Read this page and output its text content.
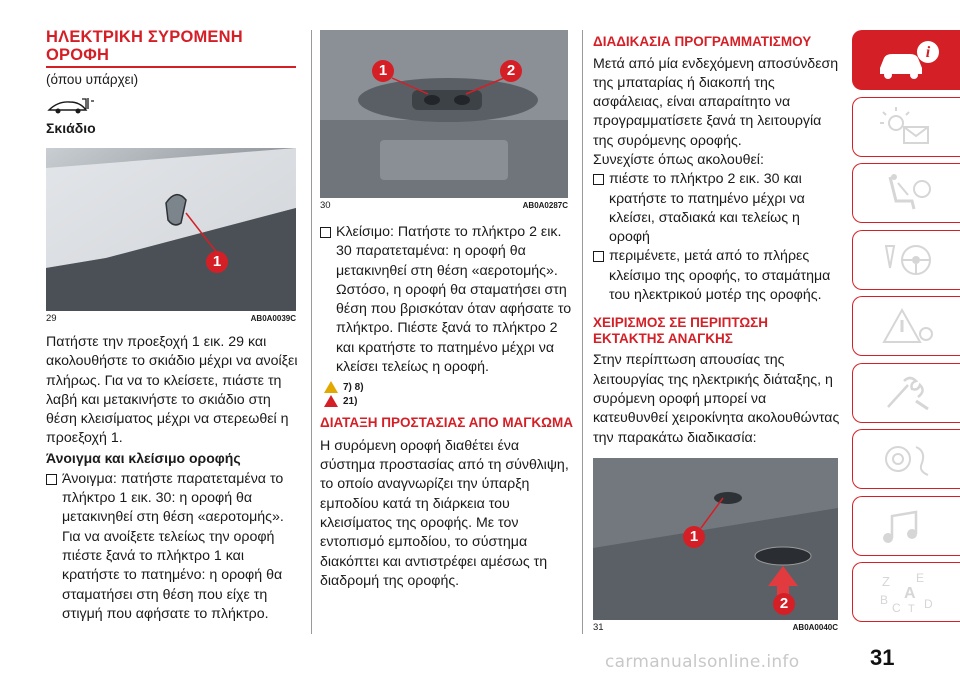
ΗΛΕΚΤΡΙΚΗ ΣΥΡΟΜΕΝΗ ΟΡΟΦΗ
(όπου υπάρχει)
Σκιάδιο
1
29	AB0A0039C
Πατήστε την προεξοχή 1 εικ. 29 και ακολουθήστε το σκιάδιο μέχρι να ανοίξει πλήρως. Για να το κλείσετε, πιάστε τη λαβή και μετακινήστε το σκιάδιο στη θέση κλεισίματος μέχρι να στερεωθεί η προεξοχή 1.
Άνοιγμα και κλείσιμο οροφής
Άνοιγμα: πατήστε παρατεταμένα το πλήκτρο 1 εικ. 30: η οροφή θα μετακινηθεί στη θέση «αεροτομής». Για να ανοίξετε τελείως την οροφή πιέστε ξανά το πλήκτρο 1 και κρατήστε το πατημένο: η οροφή θα σταματήσει στη θέση που είχε τη στιγμή που αφήσατε το πλήκτρο.
1	2
30	AB0A0287C
Κλείσιμο: Πατήστε το πλήκτρο 2 εικ. 30 παρατεταμένα: η οροφή θα μετακινηθεί στη θέση «αεροτομής». Ωστόσο, η οροφή θα σταματήσει στη θέση που βρισκόταν όταν αφήσατε το πλήκτρο. Πιέστε ξανά το πλήκτρο 2 και κρατήστε το πατημένο μέχρι να κλείσει τελείως η οροφή.
7) 8)
21)
ΔΙΑΤΑΞΗ ΠΡΟΣΤΑΣΙΑΣ ΑΠΟ ΜΑΓΚΩΜΑ
Η συρόμενη οροφή διαθέτει ένα σύστημα προστασίας από τη σύνθλιψη, το οποίο αναγνωρίζει την ύπαρξη εμποδίου κατά τη διάρκεια του κλεισίματος της οροφής. Με τον εντοπισμό εμποδίου, το σύστημα διακόπτει και αντιστρέφει αμέσως τη διαδρομή της οροφής.
ΔΙΑΔΙΚΑΣΙΑ ΠΡΟΓΡΑΜΜΑΤΙΣΜΟΥ
Μετά από μία ενδεχόμενη αποσύνδεση της μπαταρίας ή διακοπή της ασφάλειας, είναι απαραίτητο να προγραμματίσετε ξανά τη λειτουργία της συρόμενης οροφής.
Συνεχίστε όπως ακολουθεί:
πιέστε το πλήκτρο 2 εικ. 30 και κρατήστε το πατημένο μέχρι να κλείσει, σταδιακά και τελείως η οροφή
περιμένετε, μετά από το πλήρες κλείσιμο της οροφής, το σταμάτημα του ηλεκτρικού μοτέρ της οροφής.
ΧΕΙΡΙΣΜΟΣ ΣΕ ΠΕΡΙΠΤΩΣΗ ΕΚΤΑΚΤΗΣ ΑΝΑΓΚΗΣ
Στην περίπτωση απουσίας της λειτουργίας της ηλεκτρικής διάταξης, η συρόμενη οροφή μπορεί να κατευθυνθεί χειροκίνητα ακολουθώντας την παρακάτω διαδικασία:
1
2
31	AB0A0040C
i
Z E
B A
C D
T
31
carmanualsonline.info
